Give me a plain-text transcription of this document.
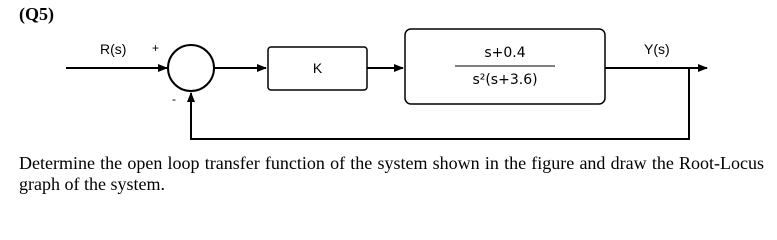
(Q5)
R(s) +
-
K
s+0.4
s²(s+3.6)
Y(s)
Determine the open loop transfer function of the system shown in the figure and draw the Root-Locus graph of the system.
